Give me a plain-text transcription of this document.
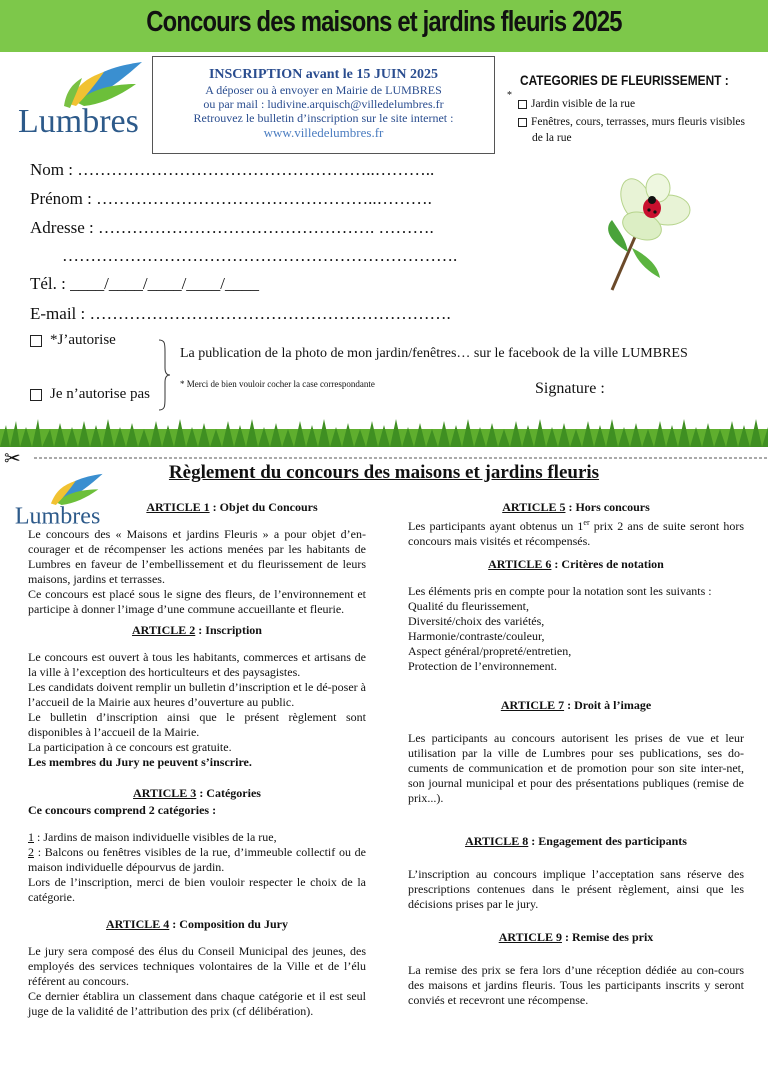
Concours des maisons et jardins fleuris 2025
Lumbres
INSCRIPTION avant le 15 JUIN 2025
A déposer ou à envoyer en Mairie de LUMBRES
ou par mail : ludivine.arquisch@villedelumbres.fr
Retrouvez le bulletin d’inscription sur le site internet :
www.villedelumbres.fr
CATEGORIES DE FLEURISSEMENT :
*
Jardin visible de la rue
Fenêtres, cours, terrasses, murs fleuris visibles
de la rue
Nom : ……………………………………………..………..
Prénom : …………………………………………..……….
Adresse : …………………………………………. ……….
…………………………………………………………….
Tél. : ____/____/____/____/____
E-mail : ……………………………………………………….
*J’autorise
Je n’autorise pas
La publication de la photo de mon jardin/fenêtres… sur le facebook de la ville LUMBRES
* Merci de bien vouloir cocher la case correspondante	Signature :
✂
Règlement du concours des maisons et jardins fleuris
Lumbres	ARTICLE 1 : Objet du Concours
Le concours des « Maisons et jardins Fleuris » a pour objet d’en-courager et de récompenser les actions menées par les habitants de Lumbres en faveur de l’embellissement et du fleurissement de leurs maisons, jardins et terrasses.
Ce concours est placé sous le signe des fleurs, de l’environnement et participe à donner l’image d’une commune accueillante et fleurie.
ARTICLE 2 : Inscription
Le concours est ouvert à tous les habitants, commerces et artisans de la ville à l’exception des horticulteurs et des paysagistes.
Les candidats doivent remplir un bulletin d’inscription et le dé-poser à l’accueil de la Mairie aux heures d’ouverture au public.
Le bulletin d’inscription ainsi que le présent règlement sont disponibles à l’accueil de la Mairie.
La participation à ce concours est gratuite.
Les membres du Jury ne peuvent s’inscrire.
ARTICLE 3 : Catégories
Ce concours comprend 2 catégories :
1 : Jardins de maison individuelle visibles de la rue,
2 : Balcons ou fenêtres visibles de la rue, d’immeuble collectif ou de maison individuelle dépourvus de jardin.
Lors de l’inscription, merci de bien vouloir respecter le choix de la catégorie.
ARTICLE 4 : Composition du Jury
Le jury sera composé des élus du Conseil Municipal des jeunes, des employés des services techniques volontaires de la Ville et de l’élu référent au concours.
Ce dernier établira un classement dans chaque catégorie et il est seul juge de la validité de l’attribution des prix (cf délibération).
ARTICLE 5 : Hors concours
Les participants ayant obtenus un 1er prix 2 ans de suite seront hors concours mais visités et récompensés.
ARTICLE 6 : Critères de notation
Les éléments pris en compte pour la notation sont les suivants :
Qualité du fleurissement,
Diversité/choix des variétés,
Harmonie/contraste/couleur,
Aspect général/propreté/entretien,
Protection de l’environnement.
ARTICLE 7 : Droit à l’image
Les participants au concours autorisent les prises de vue et leur utilisation par la ville de Lumbres pour ses publications, ses do-cuments de communication et de promotion pour son site inter-net, son journal municipal et pour des présentations publiques (remise de prix...).
ARTICLE 8 : Engagement des participants
L’inscription au concours implique l’acceptation sans réserve des prescriptions contenues dans le présent règlement, ainsi que les décisions prises par le jury.
ARTICLE 9 : Remise des prix
La remise des prix se fera lors d’une réception dédiée au con-cours des maisons et jardins fleuris. Tous les participants inscrits y seront conviés et recevront une récompense.
